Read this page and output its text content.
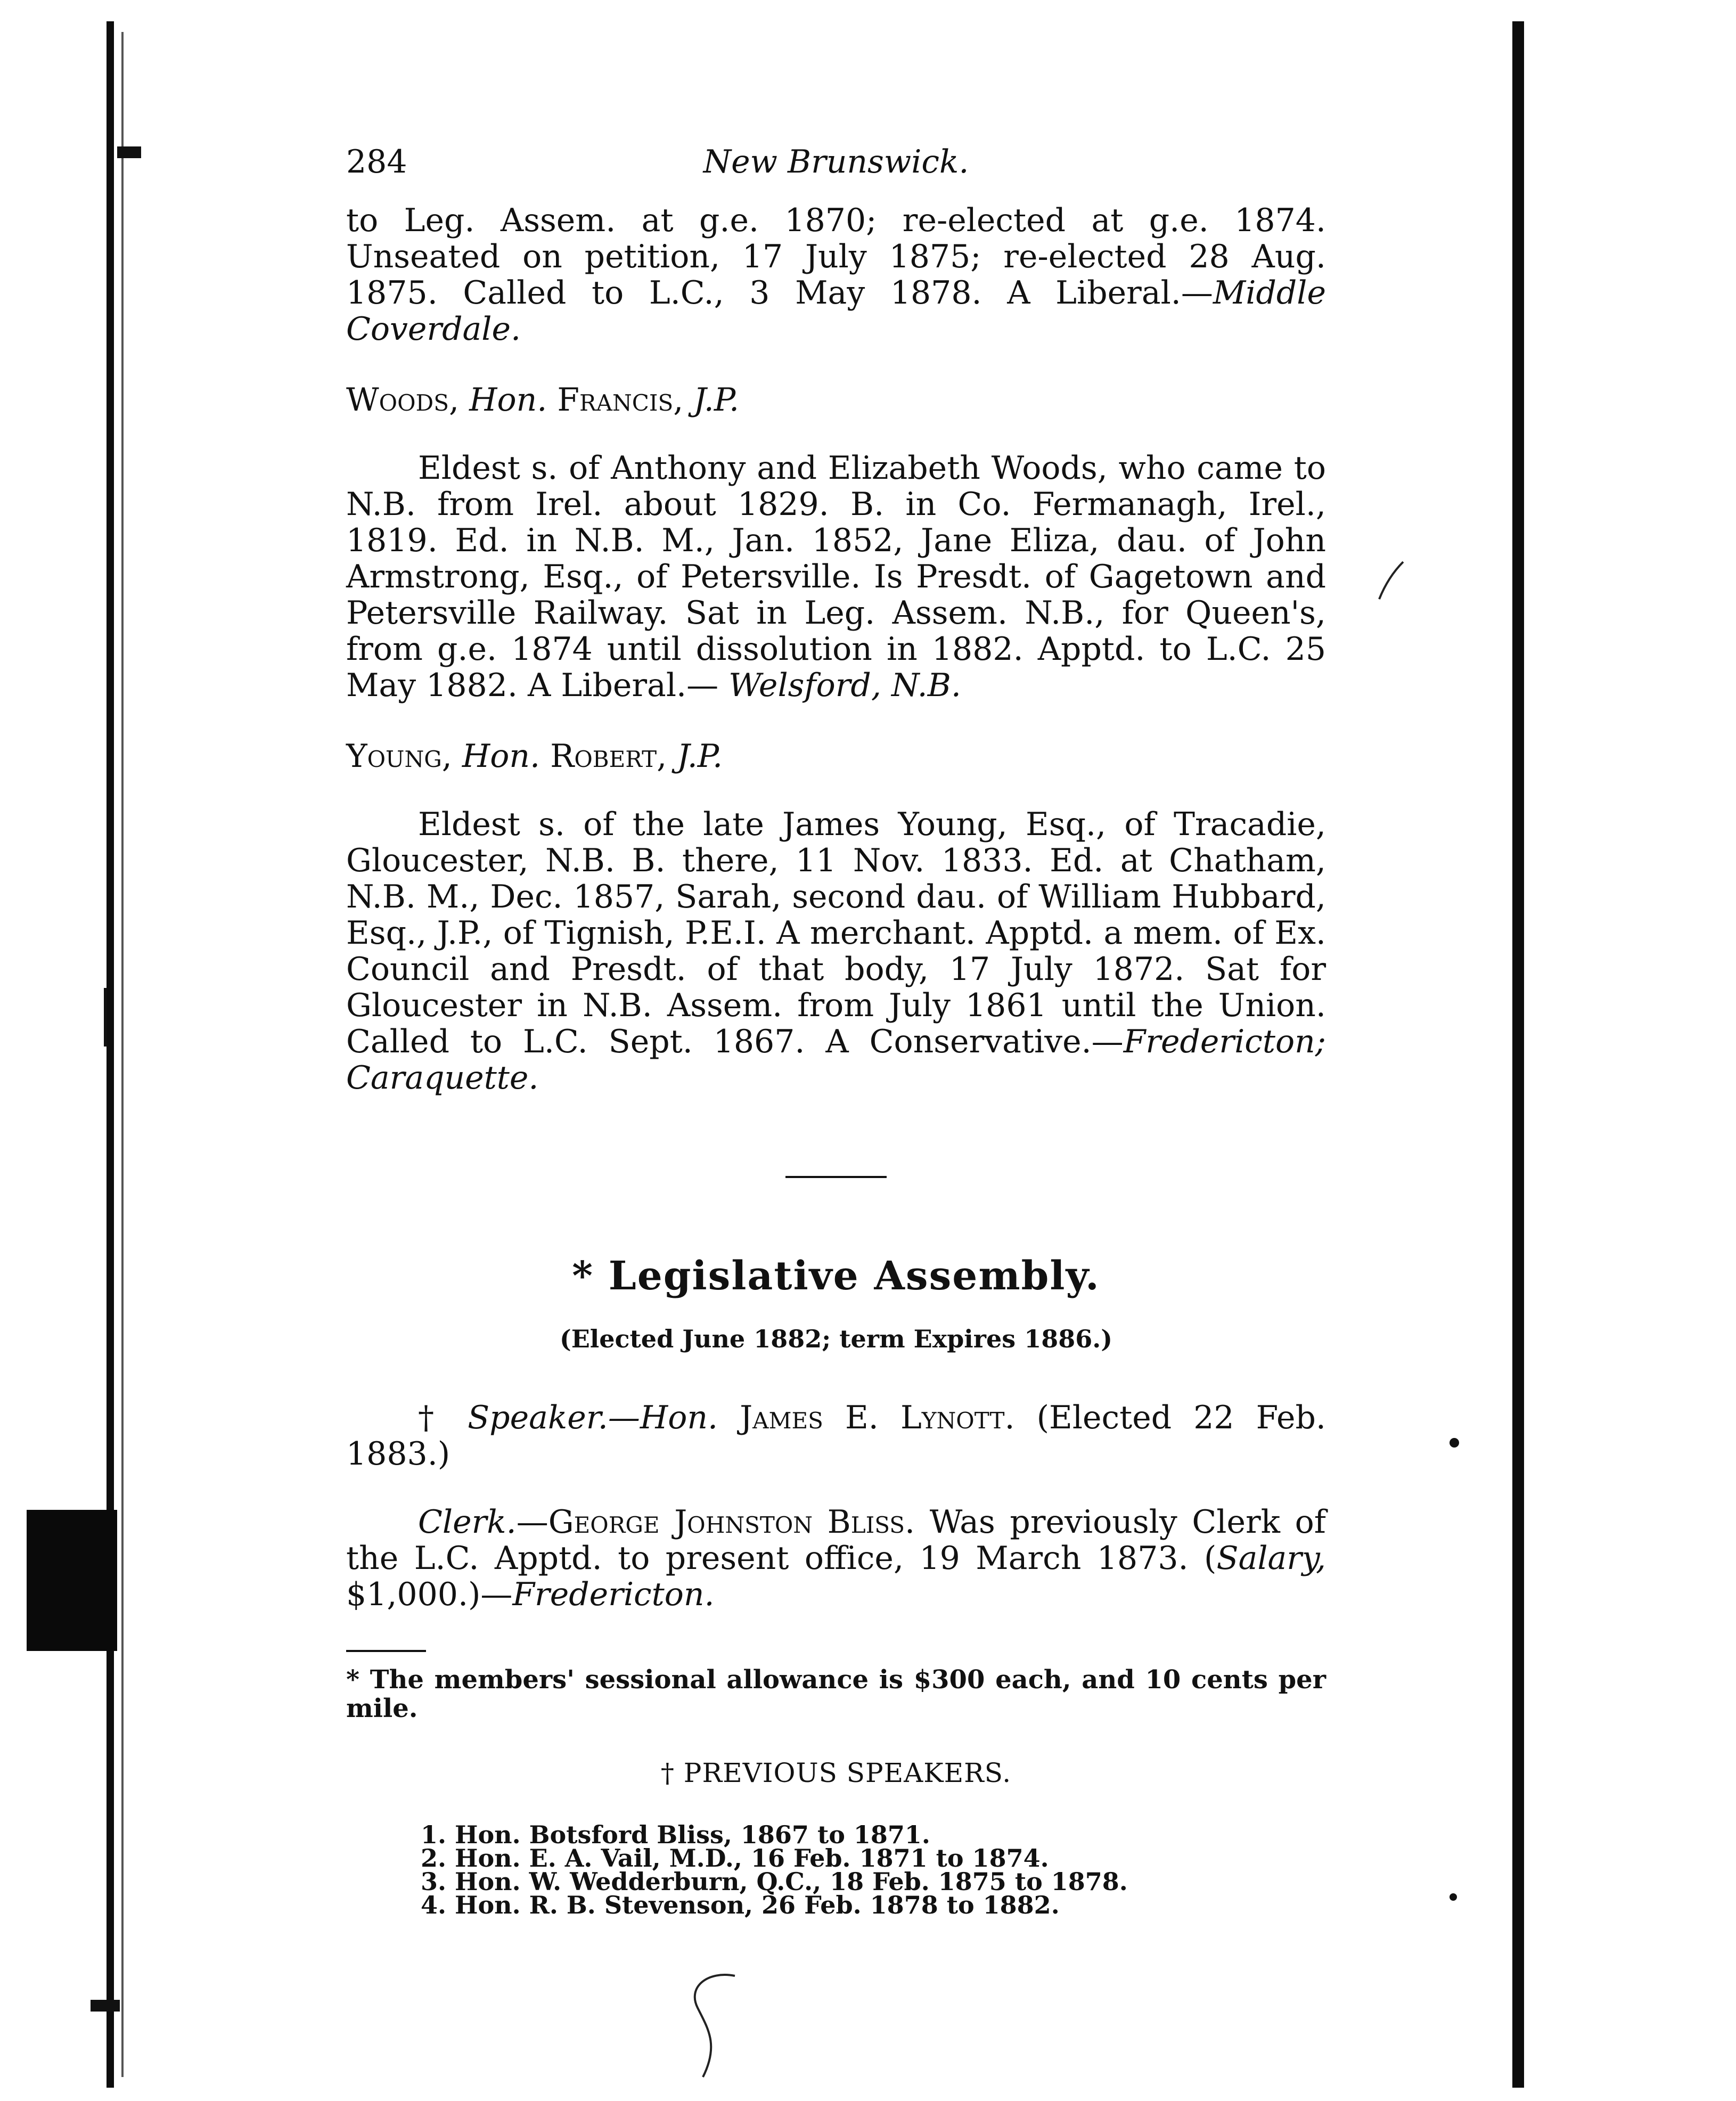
284	New Brunswick.

to Leg. Assem. at g.e. 1870; re-elected at g.e. 1874. Unseated on petition, 17 July 1875; re-elected 28 Aug. 1875. Called to L.C., 3 May 1878. A Liberal.—Middle Coverdale.

Woods, Hon. Francis, J.P.

Eldest s. of Anthony and Elizabeth Woods, who came to N.B. from Irel. about 1829. B. in Co. Fermanagh, Irel., 1819. Ed. in N.B. M., Jan. 1852, Jane Eliza, dau. of John Armstrong, Esq., of Petersville. Is Presdt. of Gagetown and Petersville Railway. Sat in Leg. Assem. N.B., for Queen's, from g.e. 1874 until dissolution in 1882. Apptd. to L.C. 25 May 1882. A Liberal.— Welsford, N.B.

Young, Hon. Robert, J.P.

Eldest s. of the late James Young, Esq., of Tracadie, Gloucester, N.B. B. there, 11 Nov. 1833. Ed. at Chatham, N.B. M., Dec. 1857, Sarah, second dau. of William Hubbard, Esq., J.P., of Tignish, P.E.I. A merchant. Apptd. a mem. of Ex. Council and Presdt. of that body, 17 July 1872. Sat for Gloucester in N.B. Assem. from July 1861 until the Union. Called to L.C. Sept. 1867. A Conservative.—Fredericton; Caraquette.

* Legislative Assembly.

(Elected June 1882; term Expires 1886.)

† Speaker.—Hon. James E. Lynott. (Elected 22 Feb. 1883.)

Clerk.—George Johnston Bliss. Was previously Clerk of the L.C. Apptd. to present office, 19 March 1873. (Salary, $1,000.)—Fredericton.

* The members' sessional allowance is $300 each, and 10 cents per mile.

† PREVIOUS SPEAKERS.

1. Hon. Botsford Bliss, 1867 to 1871.
2. Hon. E. A. Vail, M.D., 16 Feb. 1871 to 1874.
3. Hon. W. Wedderburn, Q.C., 18 Feb. 1875 to 1878.
4. Hon. R. B. Stevenson, 26 Feb. 1878 to 1882.
